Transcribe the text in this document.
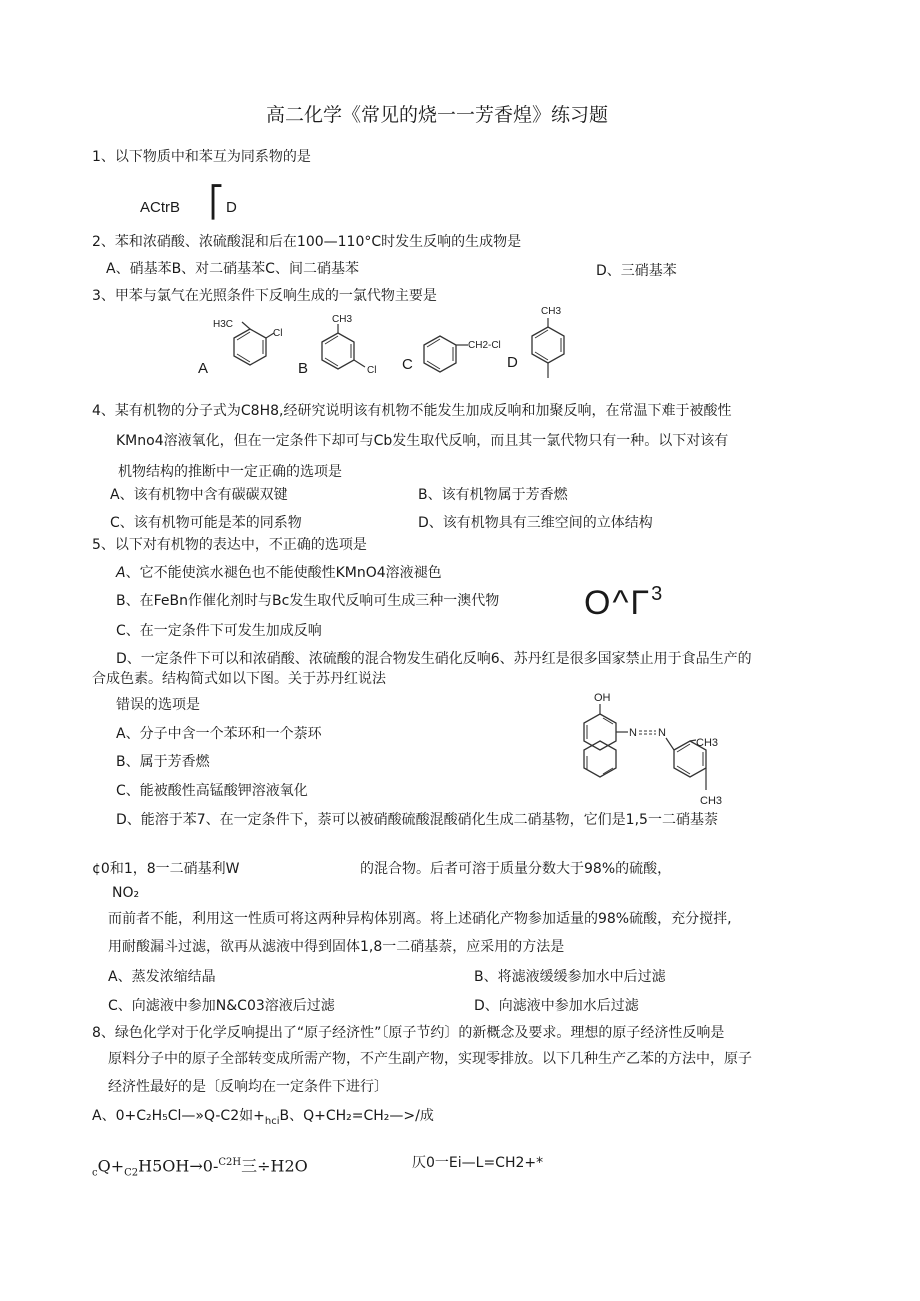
高二化学《常见的烧一一芳香煌》练习题
1、以下物质中和苯互为同系物的是
ACtrB ⎡ D
2、苯和浓硝酸、浓硫酸混和后在100—110°C时发生反响的生成物是
A、硝基苯B、对二硝基苯C、间二硝基苯	D、三硝基苯
3、甲苯与氯气在光照条件下反响生成的一氯代物主要是
A
H3C
Cl
B
CH3
Cl C
CH2-Cl
D
CH3
4、某有机物的分子式为C8H8,经研究说明该有机物不能发生加成反响和加聚反响，在常温下难于被酸性
KMno4溶液氧化，但在一定条件下却可与Cb发生取代反响，而且其一氯代物只有一种。以下对该有
机物结构的推断中一定正确的选项是
A、该有机物中含有碳碳双键	B、该有机物属于芳香燃
C、该有机物可能是苯的同系物	D、该有机物具有三维空间的立体结构
5、以下对有机物的表达中，不正确的选项是
A、它不能使滨水褪色也不能使酸性KMnO4溶液褪色
B、在FeBn作催化剂时与Bc发生取代反响可生成三种一澳代物
C、在一定条件下可发生加成反响
D、一定条件下可以和浓硝酸、浓硫酸的混合物发生硝化反响6、苏丹红是很多国家禁止用于食品生产的
$O\^{}\Gamma^3$
合成色素。结构简式如以下图。关于苏丹红说法
错误的选项是
A、分子中含一个苯环和一个萘环
B、属于芳香燃
C、能被酸性高锰酸钾溶液氧化
D、能溶于苯7、在一定条件下，萘可以被硝酸硫酸混酸硝化生成二硝基物，它们是1,5一二硝基萘
OH
N N
CH3
CH3
¢0和1，8一二硝基利W	的混合物。后者可溶于质量分数大于98%的硫酸，
NO₂
而前者不能，利用这一性质可将这两种异构体别离。将上述硝化产物参加适量的98%硫酸，充分搅拌,
用耐酸漏斗过滤，欲再从滤液中得到固体1,8一二硝基萘，应采用的方法是
A、蒸发浓缩结晶	B、将滤液缓缓参加水中后过滤
C、向滤液中参加N&C03溶液后过滤	D、向滤液中参加水后过滤
8、绿色化学对于化学反响提出了“原子经济性”〔原子节约〕的新概念及要求。理想的原子经济性反响是
原料分子中的原子全部转变成所需产物，不产生副产物，实现零排放。以下几种生产乙苯的方法中，原子
经济性最好的是〔反响均在一定条件下进行〕
A、0+C₂H₅Cl—»Q-C2如$+_{hci}B$、Q+CH₂=CH₂—>/成
$_cQ+_{C2}H5OH\to 0-^{C2H}$三÷H2O	仄0一Ei—L=CH2+*
